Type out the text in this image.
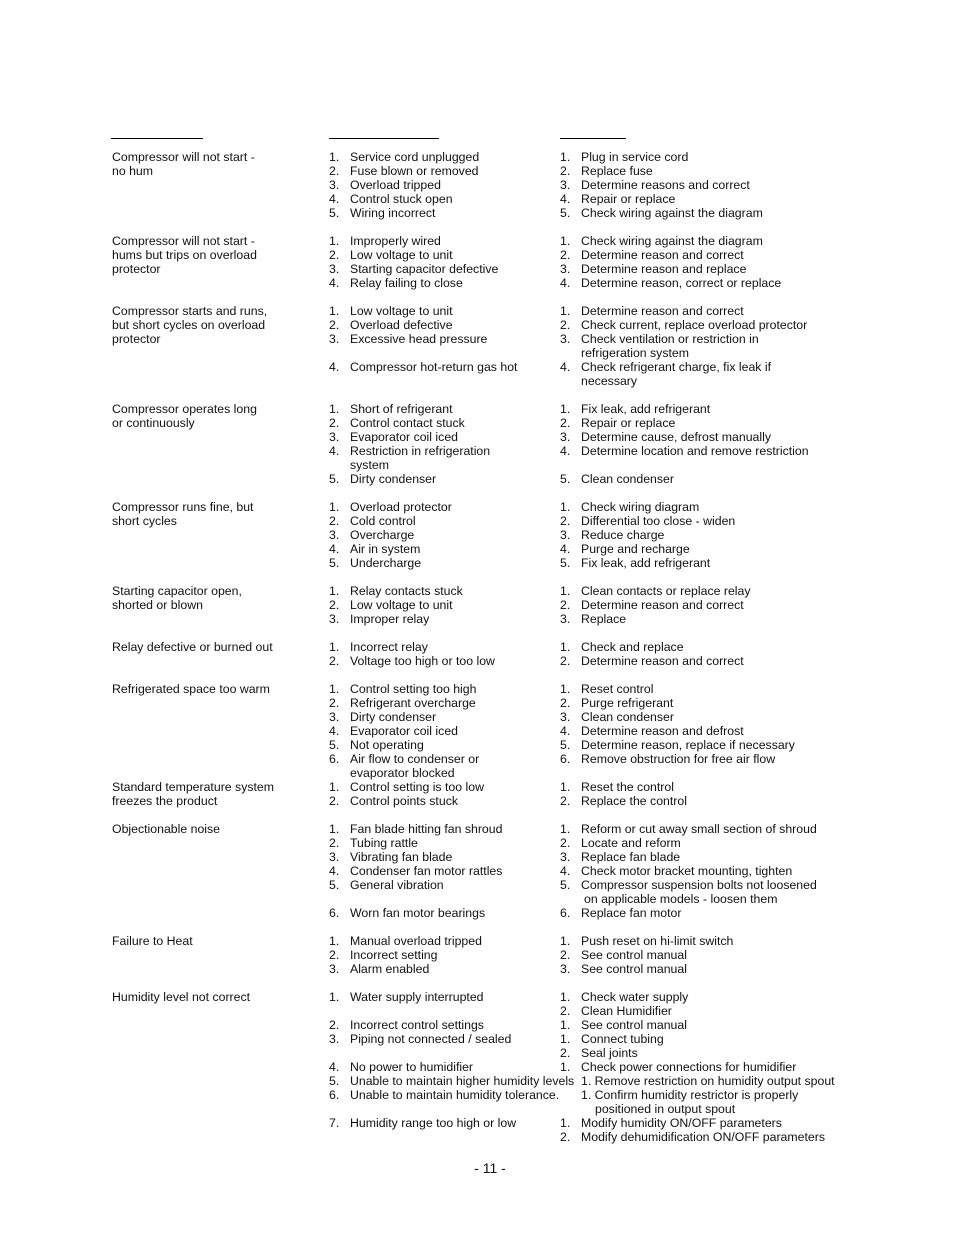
Compressor will not start -	1. Service cord unplugged	1. Plug in service cord
no hum	2. Fuse blown or removed	2. Replace fuse
3. Overload tripped	3. Determine reasons and correct
4. Control stuck open	4. Repair or replace
5. Wiring incorrect	5. Check wiring against the diagram
Compressor will not start -	1. Improperly wired	1. Check wiring against the diagram
hums but trips on overload	2. Low voltage to unit	2. Determine reason and correct
protector	3. Starting capacitor defective	3. Determine reason and replace
4. Relay failing to close	4. Determine reason, correct or replace
Compressor starts and runs,	1. Low voltage to unit	1. Determine reason and correct
but short cycles on overload	2. Overload defective	2. Check current, replace overload protector
protector	3. Excessive head pressure	3. Check ventilation or restriction in
refrigeration system
4. Compressor hot-return gas hot	4. Check refrigerant charge, fix leak if
necessary
Compressor operates long	1. Short of refrigerant	1. Fix leak, add refrigerant
or continuously	2. Control contact stuck	2. Repair or replace
3. Evaporator coil iced	3. Determine cause, defrost manually
4. Restriction in refrigeration	4. Determine location and remove restriction
system
5. Dirty condenser	5. Clean condenser
Compressor runs fine, but	1. Overload protector	1. Check wiring diagram
short cycles	2. Cold control	2. Differential too close - widen
3. Overcharge	3. Reduce charge
4. Air in system	4. Purge and recharge
5. Undercharge	5. Fix leak, add refrigerant
Starting capacitor open,	1. Relay contacts stuck	1. Clean contacts or replace relay
shorted or blown	2. Low voltage to unit	2. Determine reason and correct
3. Improper relay	3. Replace
Relay defective or burned out	1. Incorrect relay	1. Check and replace
2. Voltage too high or too low	2. Determine reason and correct
Refrigerated space too warm	1. Control setting too high	1. Reset control
2. Refrigerant overcharge	2. Purge refrigerant
3. Dirty condenser	3. Clean condenser
4. Evaporator coil iced	4. Determine reason and defrost
5. Not operating	5. Determine reason, replace if necessary
6. Air flow to condenser or	6. Remove obstruction for free air flow
evaporator blocked
Standard temperature system	1. Control setting is too low	1. Reset the control
freezes the product	2. Control points stuck	2. Replace the control
Objectionable noise	1. Fan blade hitting fan shroud	1. Reform or cut away small section of shroud
2. Tubing rattle	2. Locate and reform
3. Vibrating fan blade	3. Replace fan blade
4. Condenser fan motor rattles	4. Check motor bracket mounting, tighten
5. General vibration	5. Compressor suspension bolts not loosened
on applicable models - loosen them
6. Worn fan motor bearings	6. Replace fan motor
Failure to Heat	1. Manual overload tripped	1. Push reset on hi-limit switch
2. Incorrect setting	2. See control manual
3. Alarm enabled	3. See control manual
Humidity level not correct	1. Water supply interrupted	1. Check water supply
2. Clean Humidifier
2. Incorrect control settings	1. See control manual
3. Piping not connected / sealed	1. Connect tubing
2. Seal joints
4. No power to humidifier	1. Check power connections for humidifier
5. Unable to maintain higher humidity levels 1. Remove restriction on humidity output spout
6. Unable to maintain humidity tolerance. 1. Confirm humidity restrictor is properly
positioned in output spout
7. Humidity range too high or low	1. Modify humidity ON/OFF parameters
2. Modify dehumidification ON/OFF parameters
- 11 -
